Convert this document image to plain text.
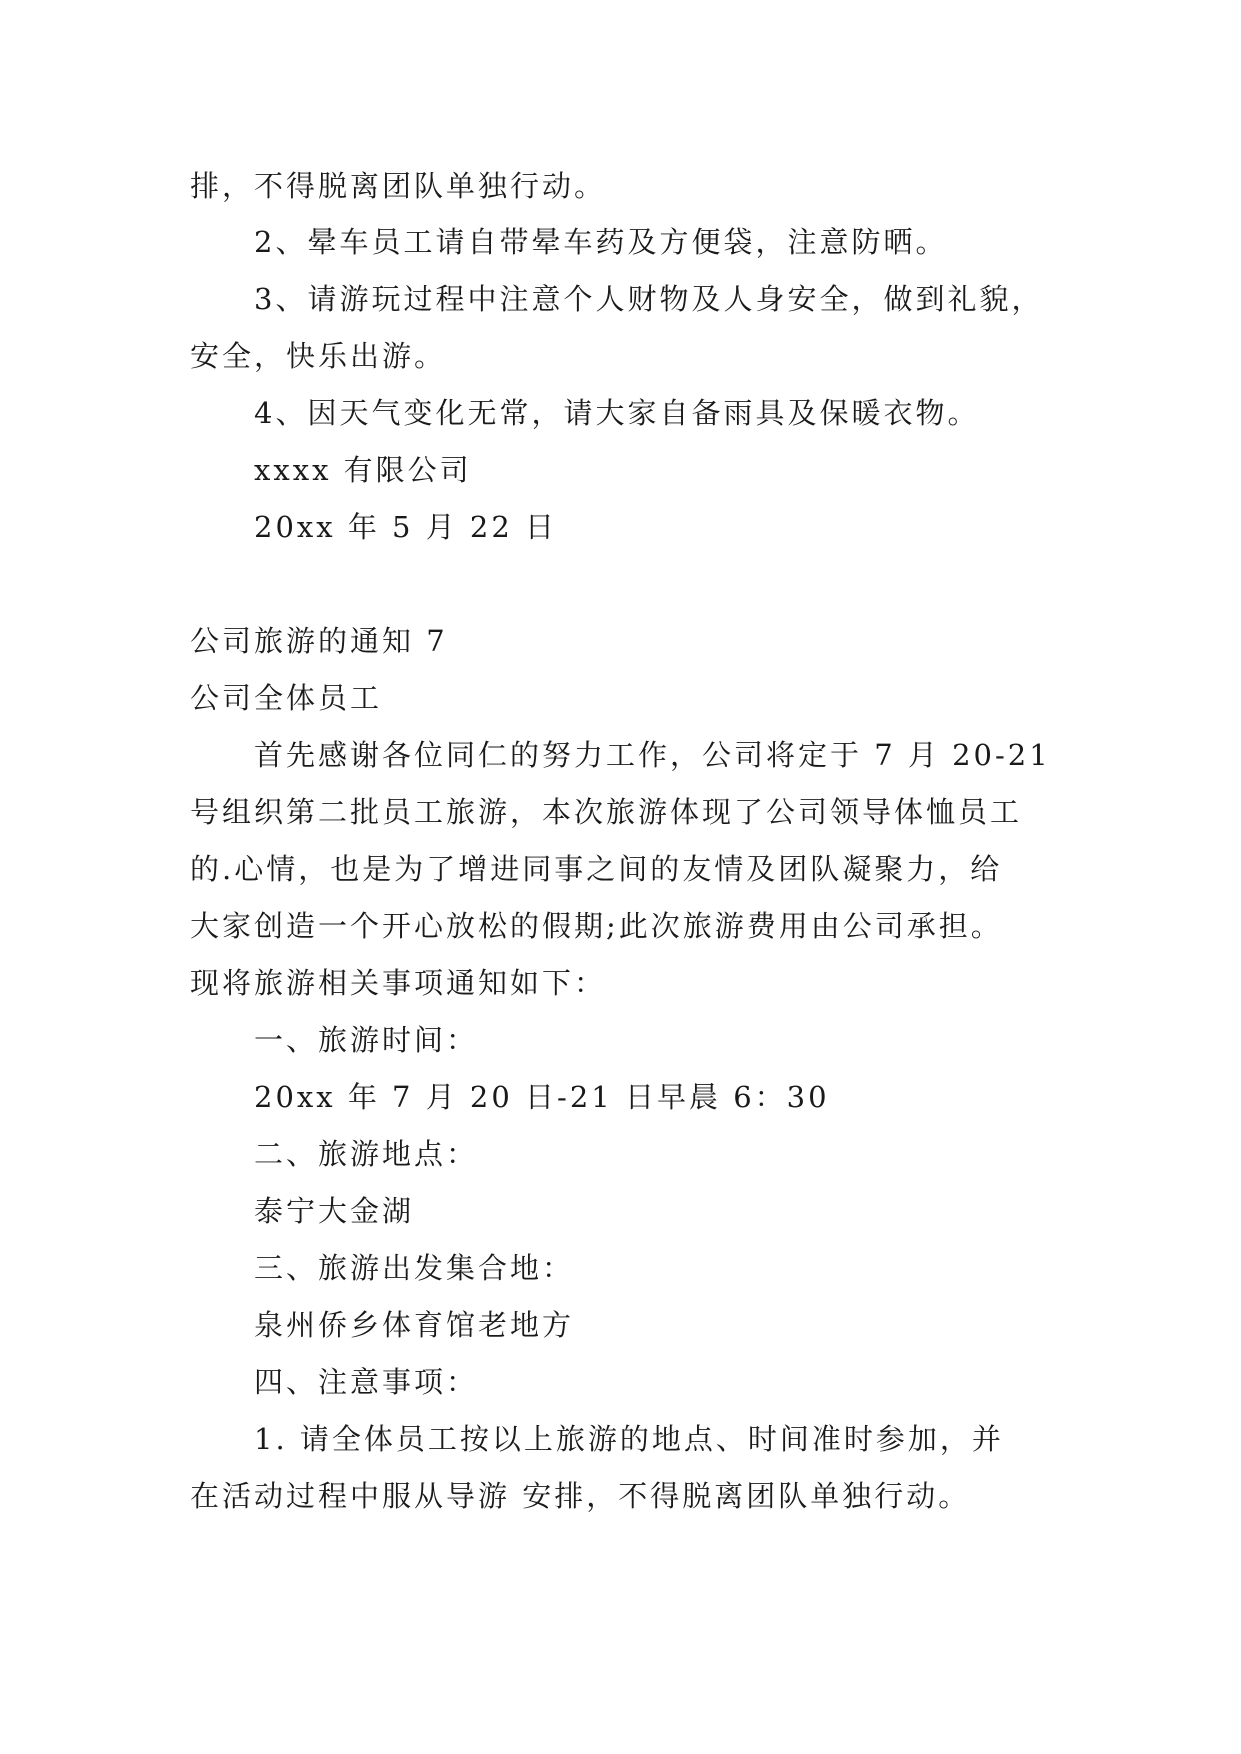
排，不得脱离团队单独行动。
2、晕车员工请自带晕车药及方便袋，注意防晒。
3、请游玩过程中注意个人财物及人身安全，做到礼貌，
安全，快乐出游。
4、因天气变化无常，请大家自备雨具及保暖衣物。
xxxx 有限公司
20xx 年 5 月 22 日
公司旅游的通知 7
公司全体员工
首先感谢各位同仁的努力工作，公司将定于 7 月 20-21
号组织第二批员工旅游，本次旅游体现了公司领导体恤员工
的.心情，也是为了增进同事之间的友情及团队凝聚力，给
大家创造一个开心放松的假期;此次旅游费用由公司承担。
现将旅游相关事项通知如下：
一、旅游时间：
20xx 年 7 月 20 日-21 日早晨 6：30
二、旅游地点：
泰宁大金湖
三、旅游出发集合地：
泉州侨乡体育馆老地方
四、注意事项：
1. 请全体员工按以上旅游的地点、时间准时参加，并
在活动过程中服从导游 安排，不得脱离团队单独行动。
